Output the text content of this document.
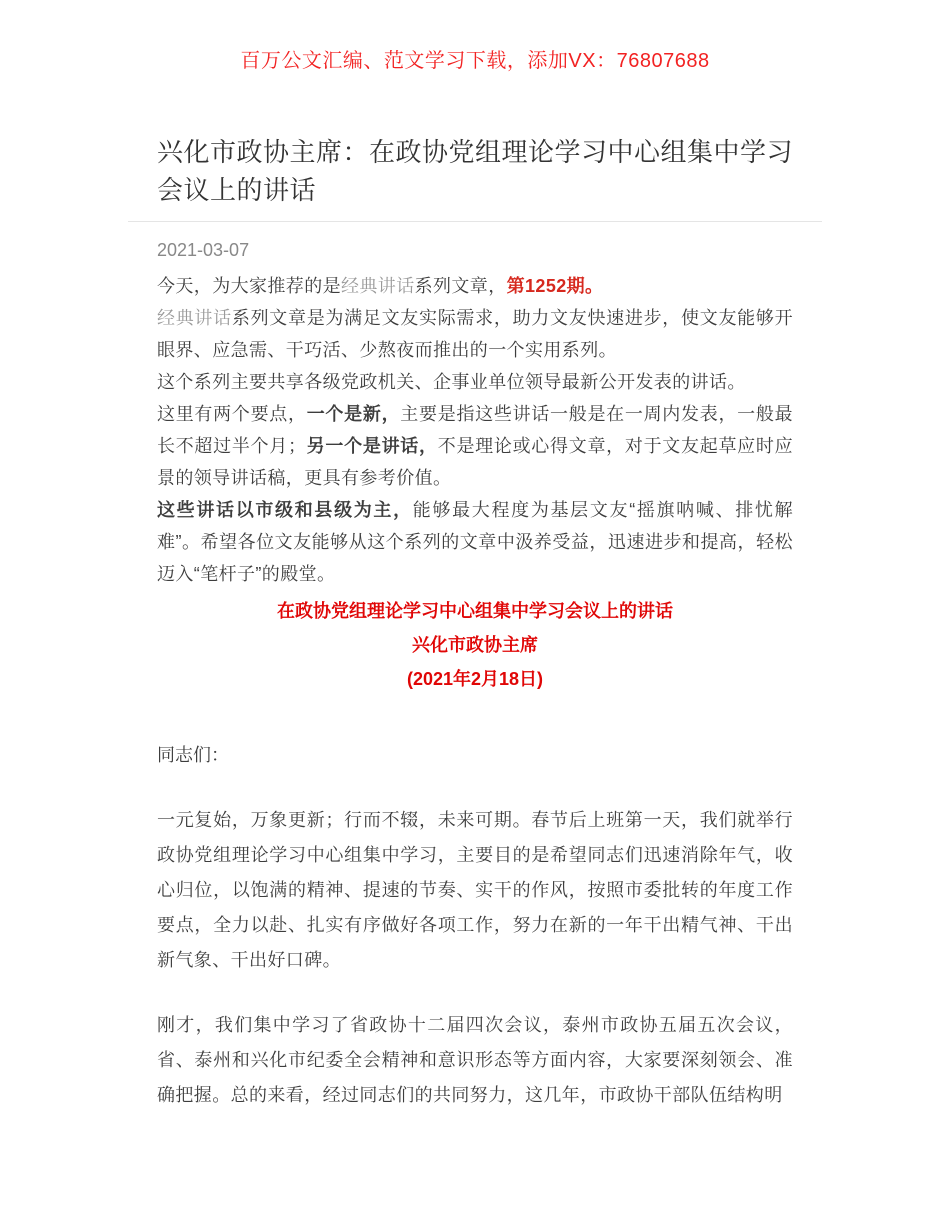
百万公文汇编、范文学习下载，添加VX：76807688
兴化市政协主席：在政协党组理论学习中心组集中学习会议上的讲话
2021-03-07

今天，为大家推荐的是经典讲话系列文章，第1252期。

经典讲话系列文章是为满足文友实际需求，助力文友快速进步，使文友能够开眼界、应急需、干巧活、少熬夜而推出的一个实用系列。

这个系列主要共享各级党政机关、企事业单位领导最新公开发表的讲话。

这里有两个要点，一个是新，主要是指这些讲话一般是在一周内发表，一般最长不超过半个月；另一个是讲话，不是理论或心得文章，对于文友起草应时应景的领导讲话稿，更具有参考价值。

这些讲话以市级和县级为主，能够最大程度为基层文友“摇旗呐喊、排忧解难”。希望各位文友能够从这个系列的文章中汲养受益，迅速进步和提高，轻松迈入“笔杆子”的殿堂。

在政协党组理论学习中心组集中学习会议上的讲话

兴化市政协主席

(2021年2月18日)

同志们：

一元复始，万象更新；行而不辍，未来可期。春节后上班第一天，我们就举行政协党组理论学习中心组集中学习，主要目的是希望同志们迅速消除年气，收心归位，以饱满的精神、提速的节奏、实干的作风，按照市委批转的年度工作要点，全力以赴、扎实有序做好各项工作，努力在新的一年干出精气神、干出新气象、干出好口碑。

刚才，我们集中学习了省政协十二届四次会议，泰州市政协五届五次会议，省、泰州和兴化市纪委全会精神和意识形态等方面内容，大家要深刻领会、准确把握。总的来看，经过同志们的共同努力，这几年，市政协干部队伍结构明
